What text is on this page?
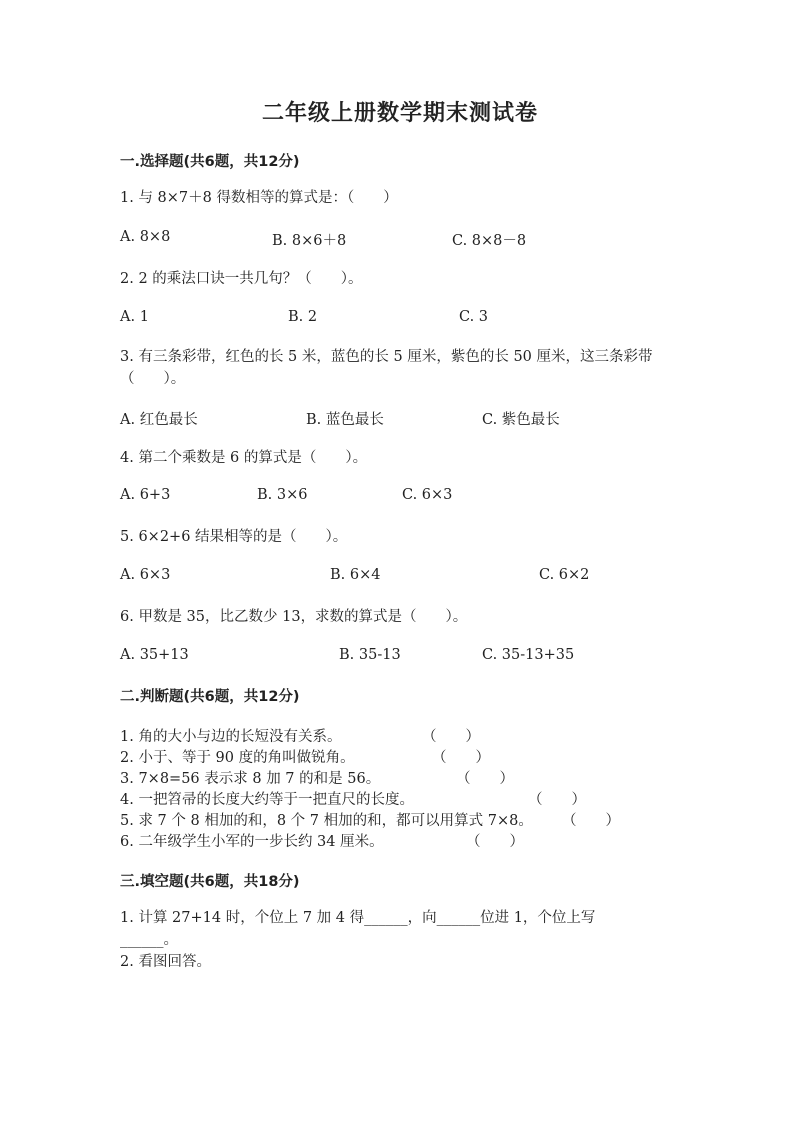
二年级上册数学期末测试卷
一.选择题(共6题，共12分)
1. 与 8×7＋8 得数相等的算式是：（　　）
A. 8×8	B. 8×6＋8	C. 8×8－8
2. 2 的乘法口诀一共几句？（　　）。
A. 1	B. 2	C. 3
3. 有三条彩带，红色的长 5 米，蓝色的长 5 厘米，紫色的长 50 厘米，这三条彩带（　　）。
A. 红色最长	B. 蓝色最长	C. 紫色最长
4. 第二个乘数是 6 的算式是（　　）。
A. 6+3	B. 3×6	C. 6×3
5. 6×2+6 结果相等的是（　　）。
A. 6×3	B. 6×4	C. 6×2
6. 甲数是 35，比乙数少 13，求数的算式是（　　）。
A. 35+13	B. 35-13	C. 35-13+35
二.判断题(共6题，共12分)
1. 角的大小与边的长短没有关系。	（　　）
2. 小于、等于 90 度的角叫做锐角。	（　　）
3. 7×8=56 表示求 8 加 7 的和是 56。	（　　）
4. 一把笤帚的长度大约等于一把直尺的长度。	（　　）
5. 求 7 个 8 相加的和，8 个 7 相加的和，都可以用算式 7×8。 （　　）
6. 二年级学生小军的一步长约 34 厘米。	（　　）
三.填空题(共6题，共18分)
1. 计算 27+14 时，个位上 7 加 4 得______，向______位进 1，个位上写______。
2. 看图回答。
